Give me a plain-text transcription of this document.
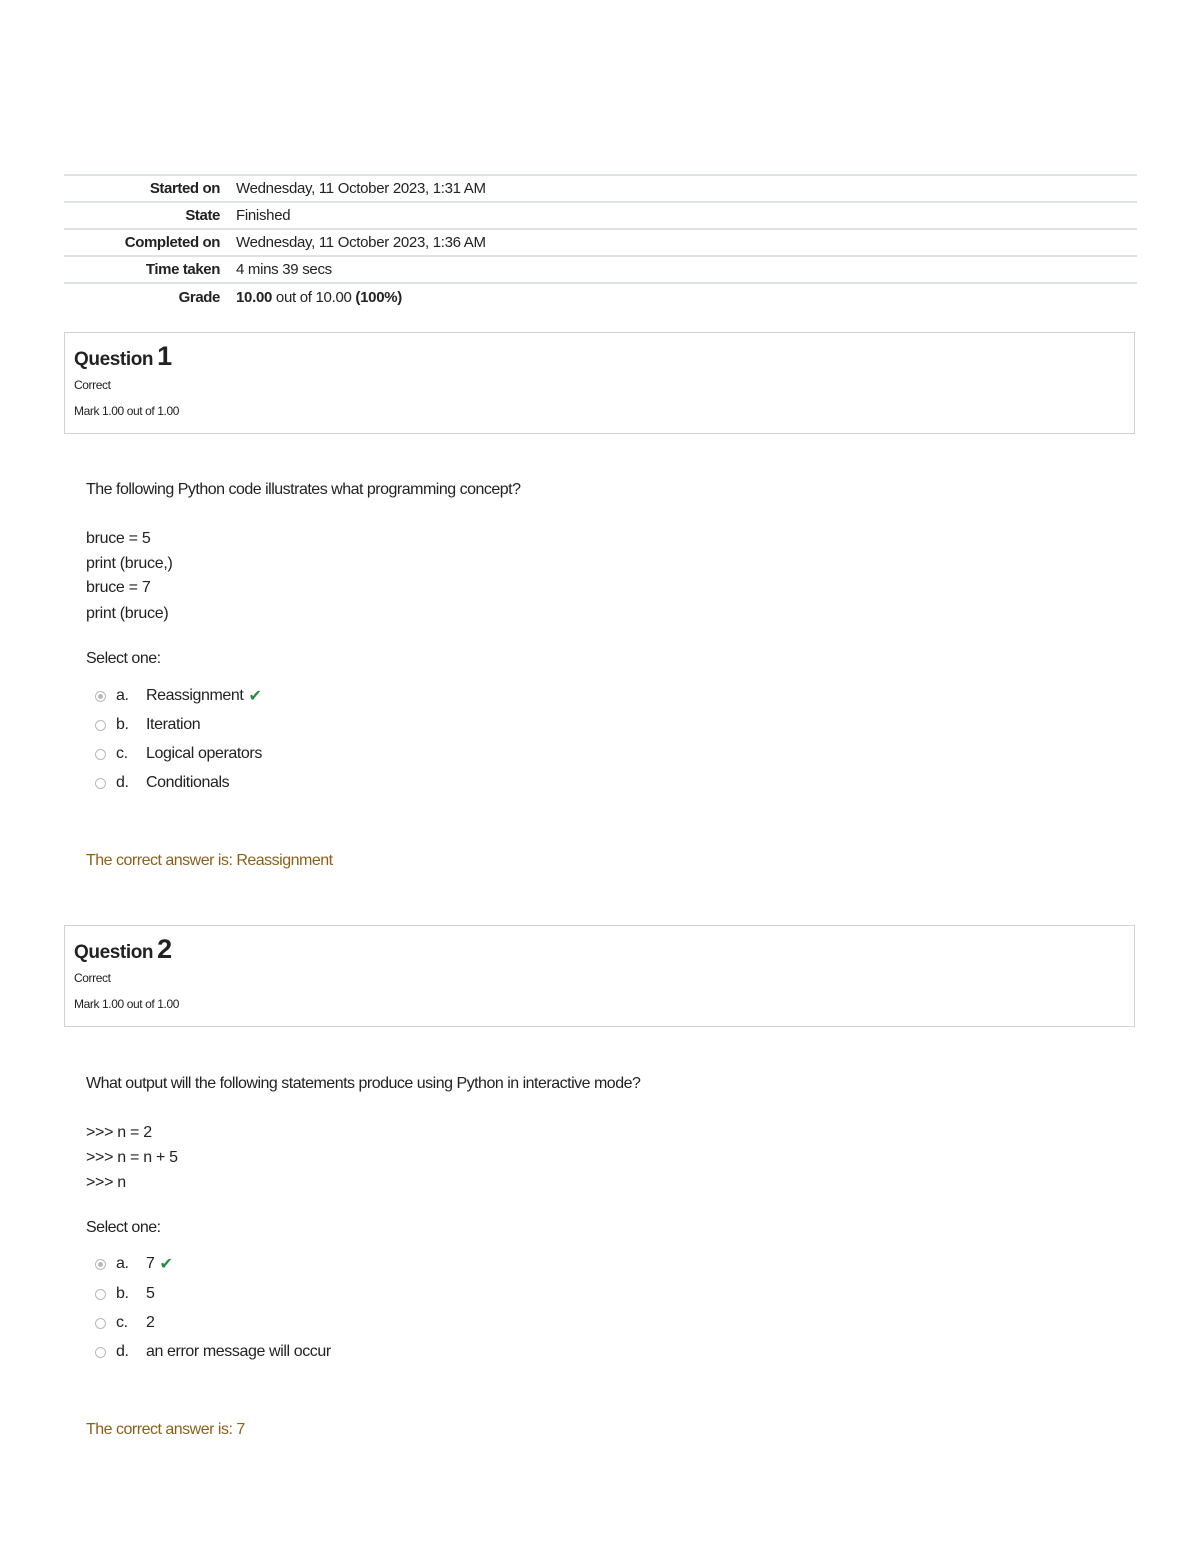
Started on	Wednesday, 11 October 2023, 1:31 AM
State	Finished
Completed on	Wednesday, 11 October 2023, 1:36 AM
Time taken	4 mins 39 secs
Grade	10.00 out of 10.00 (100%)
Question 1
Correct
Mark 1.00 out of 1.00
The following Python code illustrates what programming concept?
bruce = 5
print (bruce,)
bruce = 7
print (bruce)
Select one:
a.	Reassignment ✔
b.	Iteration
c.	Logical operators
d.	Conditionals
The correct answer is: Reassignment
Question 2
Correct
Mark 1.00 out of 1.00
What output will the following statements produce using Python in interactive mode?
>>> n = 2
>>> n = n + 5
>>> n
Select one:
a.	7 ✔
b.	5
c.	2
d.	an error message will occur
The correct answer is: 7
